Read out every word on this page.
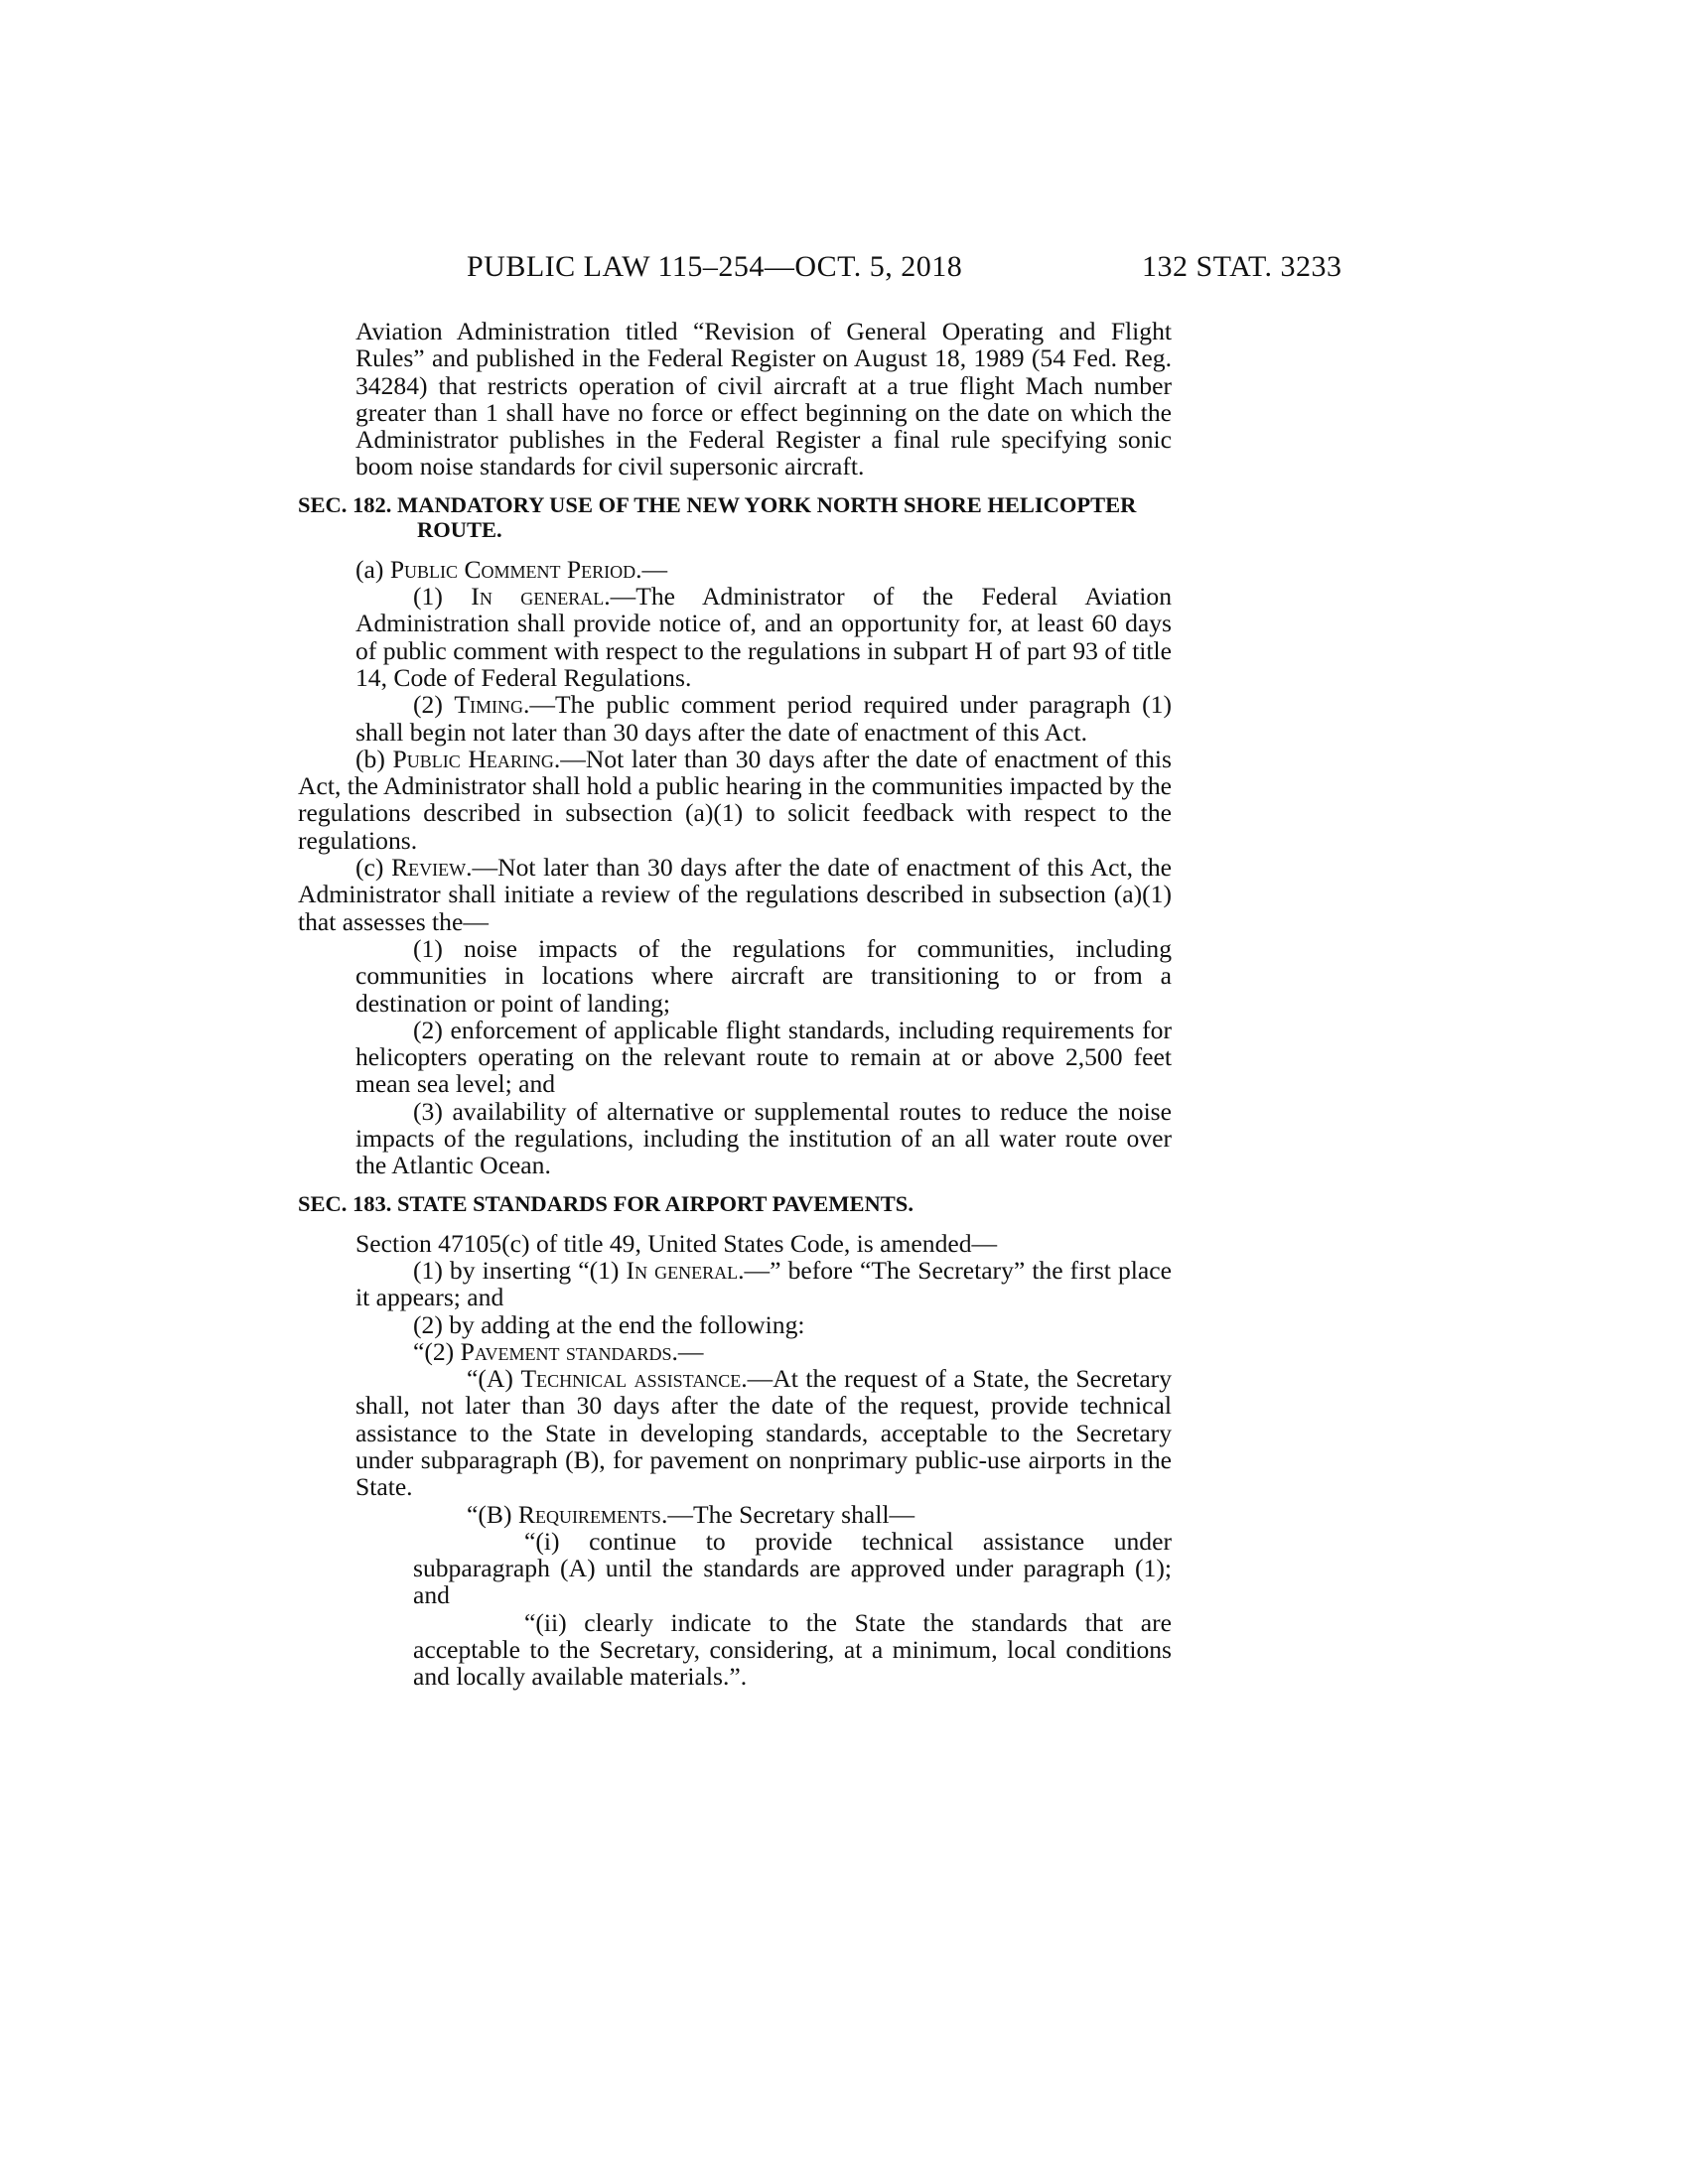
PUBLIC LAW 115–254—OCT. 5, 2018	132 STAT. 3233

Aviation Administration titled “Revision of General Operating and Flight Rules” and published in the Federal Register on August 18, 1989 (54 Fed. Reg. 34284) that restricts operation of civil aircraft at a true flight Mach number greater than 1 shall have no force or effect beginning on the date on which the Administrator publishes in the Federal Register a final rule specifying sonic boom noise standards for civil supersonic aircraft.

SEC. 182. MANDATORY USE OF THE NEW YORK NORTH SHORE HELICOPTER ROUTE.

(a) Public Comment Period.—

(1) In general.—The Administrator of the Federal Aviation Administration shall provide notice of, and an opportunity for, at least 60 days of public comment with respect to the regulations in subpart H of part 93 of title 14, Code of Federal Regulations.

(2) Timing.—The public comment period required under paragraph (1) shall begin not later than 30 days after the date of enactment of this Act.

(b) Public Hearing.—Not later than 30 days after the date of enactment of this Act, the Administrator shall hold a public hearing in the communities impacted by the regulations described in subsection (a)(1) to solicit feedback with respect to the regulations.

(c) Review.—Not later than 30 days after the date of enactment of this Act, the Administrator shall initiate a review of the regulations described in subsection (a)(1) that assesses the—

(1) noise impacts of the regulations for communities, including communities in locations where aircraft are transitioning to or from a destination or point of landing;

(2) enforcement of applicable flight standards, including requirements for helicopters operating on the relevant route to remain at or above 2,500 feet mean sea level; and

(3) availability of alternative or supplemental routes to reduce the noise impacts of the regulations, including the institution of an all water route over the Atlantic Ocean.

SEC. 183. STATE STANDARDS FOR AIRPORT PAVEMENTS.

Section 47105(c) of title 49, United States Code, is amended—

(1) by inserting “(1) In general.—” before “The Secretary” the first place it appears; and

(2) by adding at the end the following:

“(2) Pavement standards.—

“(A) Technical assistance.—At the request of a State, the Secretary shall, not later than 30 days after the date of the request, provide technical assistance to the State in developing standards, acceptable to the Secretary under subparagraph (B), for pavement on nonprimary public-use airports in the State.

“(B) Requirements.—The Secretary shall—

“(i) continue to provide technical assistance under subparagraph (A) until the standards are approved under paragraph (1); and

“(ii) clearly indicate to the State the standards that are acceptable to the Secretary, considering, at a minimum, local conditions and locally available materials.”.
